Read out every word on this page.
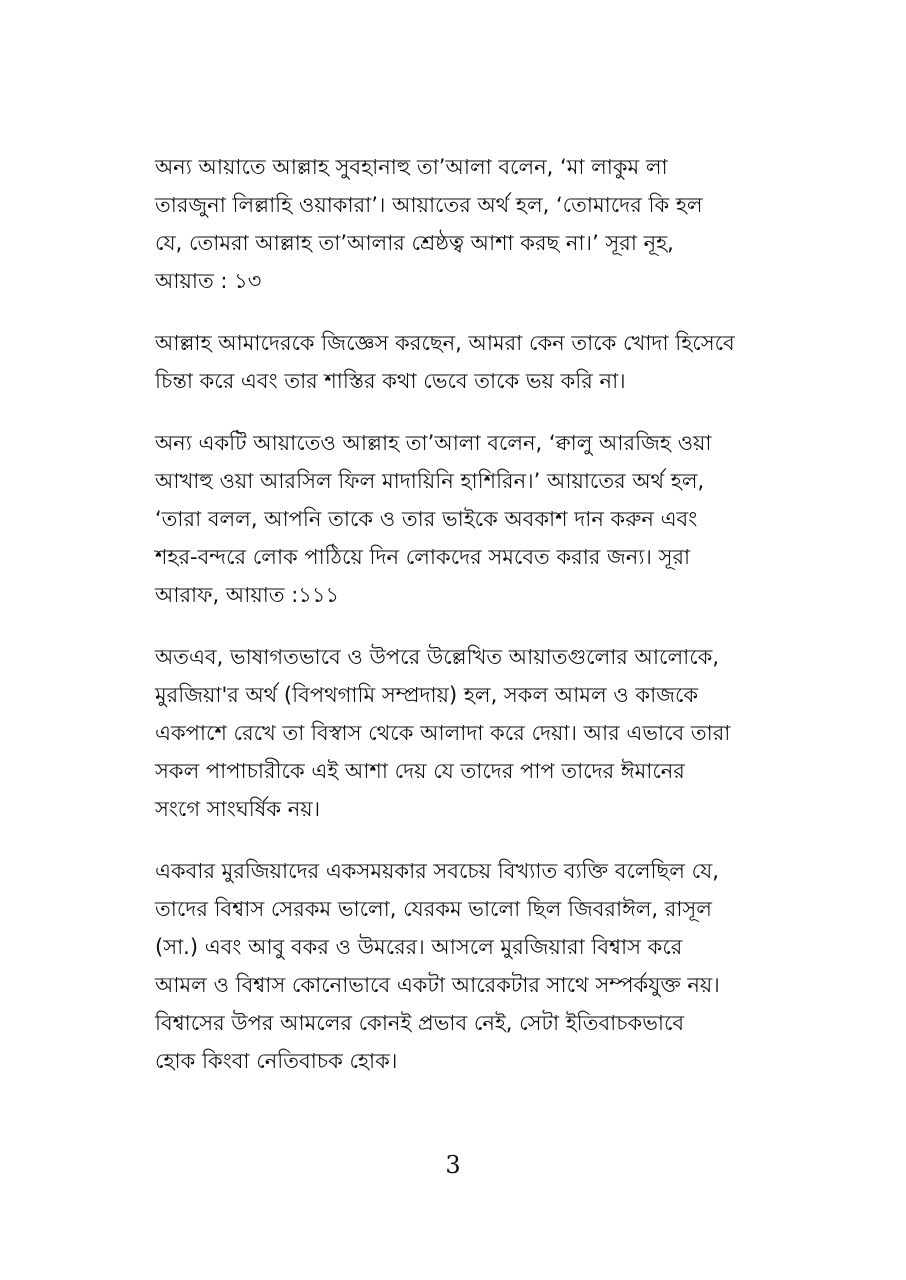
অন্য আয়াতে আল্লাহ সুবহানাহু তা’আলা বলেন, ‘মা লাকুম লা
তারজুনা লিল্লাহি ওয়াকারা’। আয়াতের অর্থ হল, ‘তোমাদের কি হল
যে, তোমরা আল্লাহ তা’আলার শ্রেষ্ঠত্ব আশা করছ না।’ সূরা নূহ,
আয়াত : ১৩

আল্লাহ আমাদেরকে জিজ্ঞেস করছেন, আমরা কেন তাকে খোদা হিসেবে
চিন্তা করে এবং তার শাস্তির কথা ভেবে তাকে ভয় করি না।

অন্য একটি আয়াতেও আল্লাহ তা’আলা বলেন, ‘ক্বালু আরজিহ ওয়া
আখাহু ওয়া আরসিল ফিল মাদায়িনি হাশিরিন।’ আয়াতের অর্থ হল,
‘তারা বলল, আপনি তাকে ও তার ভাইকে অবকাশ দান করুন এবং
শহর-বন্দরে লোক পাঠিয়ে দিন লোকদের সমবেত করার জন্য। সূরা
আরাফ, আয়াত :১১১

অতএব, ভাষাগতভাবে ও উপরে উল্লেখিত আয়াতগুলোর আলোকে,
মুরজিয়া'র অর্থ (বিপথগামি সম্প্রদায়) হল, সকল আমল ও কাজকে
একপাশে রেখে তা বিস্বাস থেকে আলাদা করে দেয়া। আর এভাবে তারা
সকল পাপাচারীকে এই আশা দেয় যে তাদের পাপ তাদের ঈমানের
সংগে সাংঘর্ষিক নয়।

একবার মুরজিয়াদের একসময়কার সবচেয় বিখ্যাত ব্যক্তি বলেছিল যে,
তাদের বিশ্বাস সেরকম ভালো, যেরকম ভালো ছিল জিবরাঈল, রাসূল
(সা.) এবং আবু বকর ও উমরের। আসলে মুরজিয়ারা বিশ্বাস করে
আমল ও বিশ্বাস কোনোভাবে একটা আরেকটার সাথে সম্পর্কযুক্ত নয়।
বিশ্বাসের উপর আমলের কোনই প্রভাব নেই, সেটা ইতিবাচকভাবে
হোক কিংবা নেতিবাচক হোক।

3
